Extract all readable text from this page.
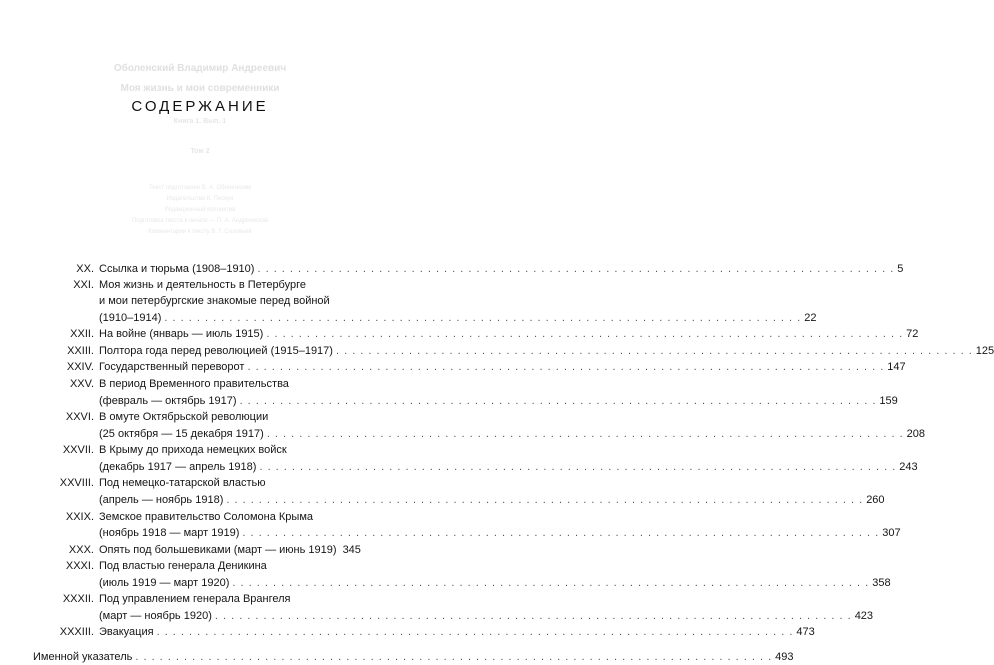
Оболенский Владимир Андреевич
Моя жизнь и мои современники
Книга 1. Вып. 1
Том 2
Текст подготовлен В. А. Оболенским
Издательство К. Пискун
Редакционный коллектив
Подготовка текста к печати — П. А. Андреевский
Комментарии к тексту В. Г. Соловьев
СОДЕРЖАНИЕ
XX. Ссылка и тюрьма (1908–1910) . . .	5
XXI. Моя жизнь и деятельность в Петербурге
и мои петербургские знакомые перед войной
(1910–1914) . . .	22
XXII. На войне (январь — июль 1915) . . .	72
XXIII. Полтора года перед революцией (1915–1917) . . .	125
XXIV. Государственный переворот . . .	147
XXV. В период Временного правительства
(февраль — октябрь 1917) . . .	159
XXVI. В омуте Октябрьской революции
(25 октября — 15 декабря 1917) . . .	208
XXVII. В Крыму до прихода немецких войск
(декабрь 1917 — апрель 1918) . . .	243
XXVIII. Под немецко-татарской властью
(апрель — ноябрь 1918) . . .	260
XXIX. Земское правительство Соломона Крыма
(ноябрь 1918 — март 1919) . . .	307
XXX. Опять под большевиками (март — июнь 1919) 345
XXXI. Под властью генерала Деникина
(июль 1919 — март 1920) . . .	358
XXXII. Под управлением генерала Врангеля
(март — ноябрь 1920) . . .	423
XXXIII. Эвакуация . . .	473
Именной указатель . . .	493
